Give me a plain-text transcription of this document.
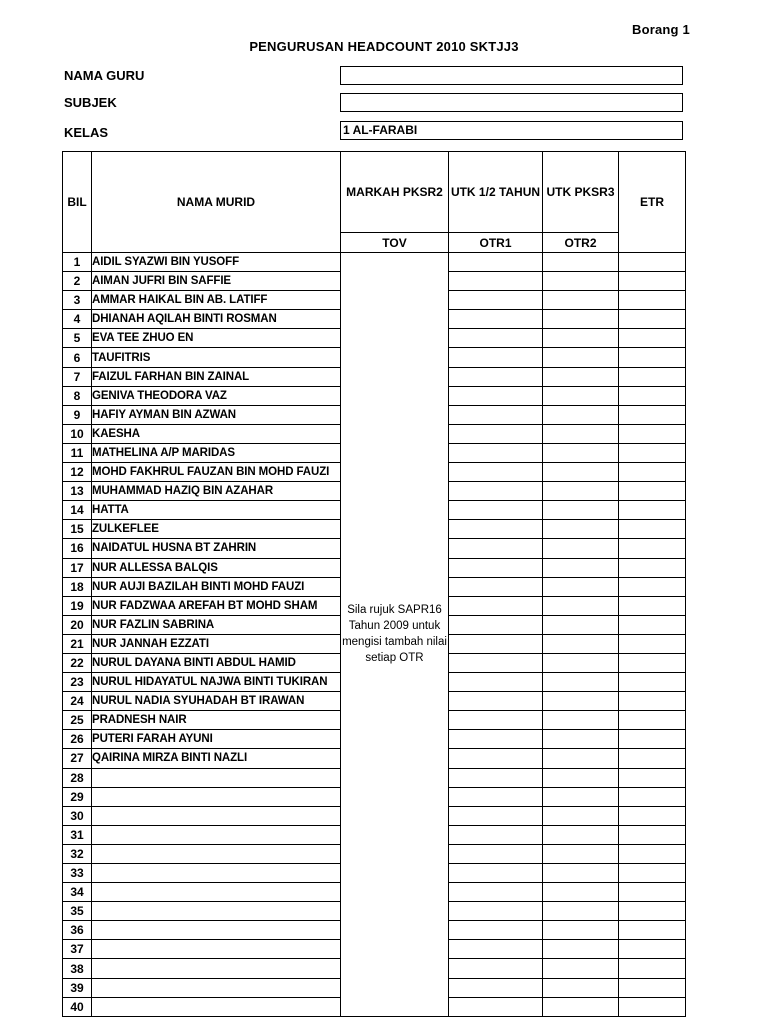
Borang 1
PENGURUSAN HEADCOUNT 2010 SKTJJ3
NAMA GURU
SUBJEK
KELAS	1 AL-FARABI
BIL	NAMA MURID	MARKAH PKSR2	UTK 1/2 TAHUN	UTK PKSR3	ETR
		TOV	OTR1	OTR2	
1	AIDIL SYAZWI BIN YUSOFF	Sila rujuk SAPR16 Tahun 2009 untuk mengisi tambah nilai setiap OTR			
2	AIMAN JUFRI BIN SAFFIE				
3	AMMAR HAIKAL BIN AB. LATIFF				
4	DHIANAH AQILAH BINTI ROSMAN				
5	EVA TEE ZHUO EN				
6	TAUFITRIS				
7	FAIZUL FARHAN BIN ZAINAL				
8	GENIVA THEODORA VAZ				
9	HAFIY AYMAN BIN AZWAN				
10	KAESHA				
11	MATHELINA A/P MARIDAS				
12	MOHD FAKHRUL FAUZAN BIN MOHD FAUZI				
13	MUHAMMAD HAZIQ BIN AZAHAR				
14	HATTA				
15	ZULKEFLEE				
16	NAIDATUL HUSNA BT ZAHRIN				
17	NUR ALLESSA BALQIS				
18	NUR AUJI BAZILAH BINTI MOHD FAUZI				
19	NUR FADZWAA AREFAH BT MOHD SHAM				
20	NUR FAZLIN SABRINA				
21	NUR JANNAH EZZATI				
22	NURUL DAYANA BINTI ABDUL HAMID				
23	NURUL HIDAYATUL NAJWA BINTI TUKIRAN				
24	NURUL NADIA SYUHADAH BT IRAWAN				
25	PRADNESH NAIR				
26	PUTERI FARAH AYUNI				
27	QAIRINA MIRZA BINTI NAZLI				
28					
29					
30					
31					
32					
33					
34					
35					
36					
37					
38					
39					
40					
